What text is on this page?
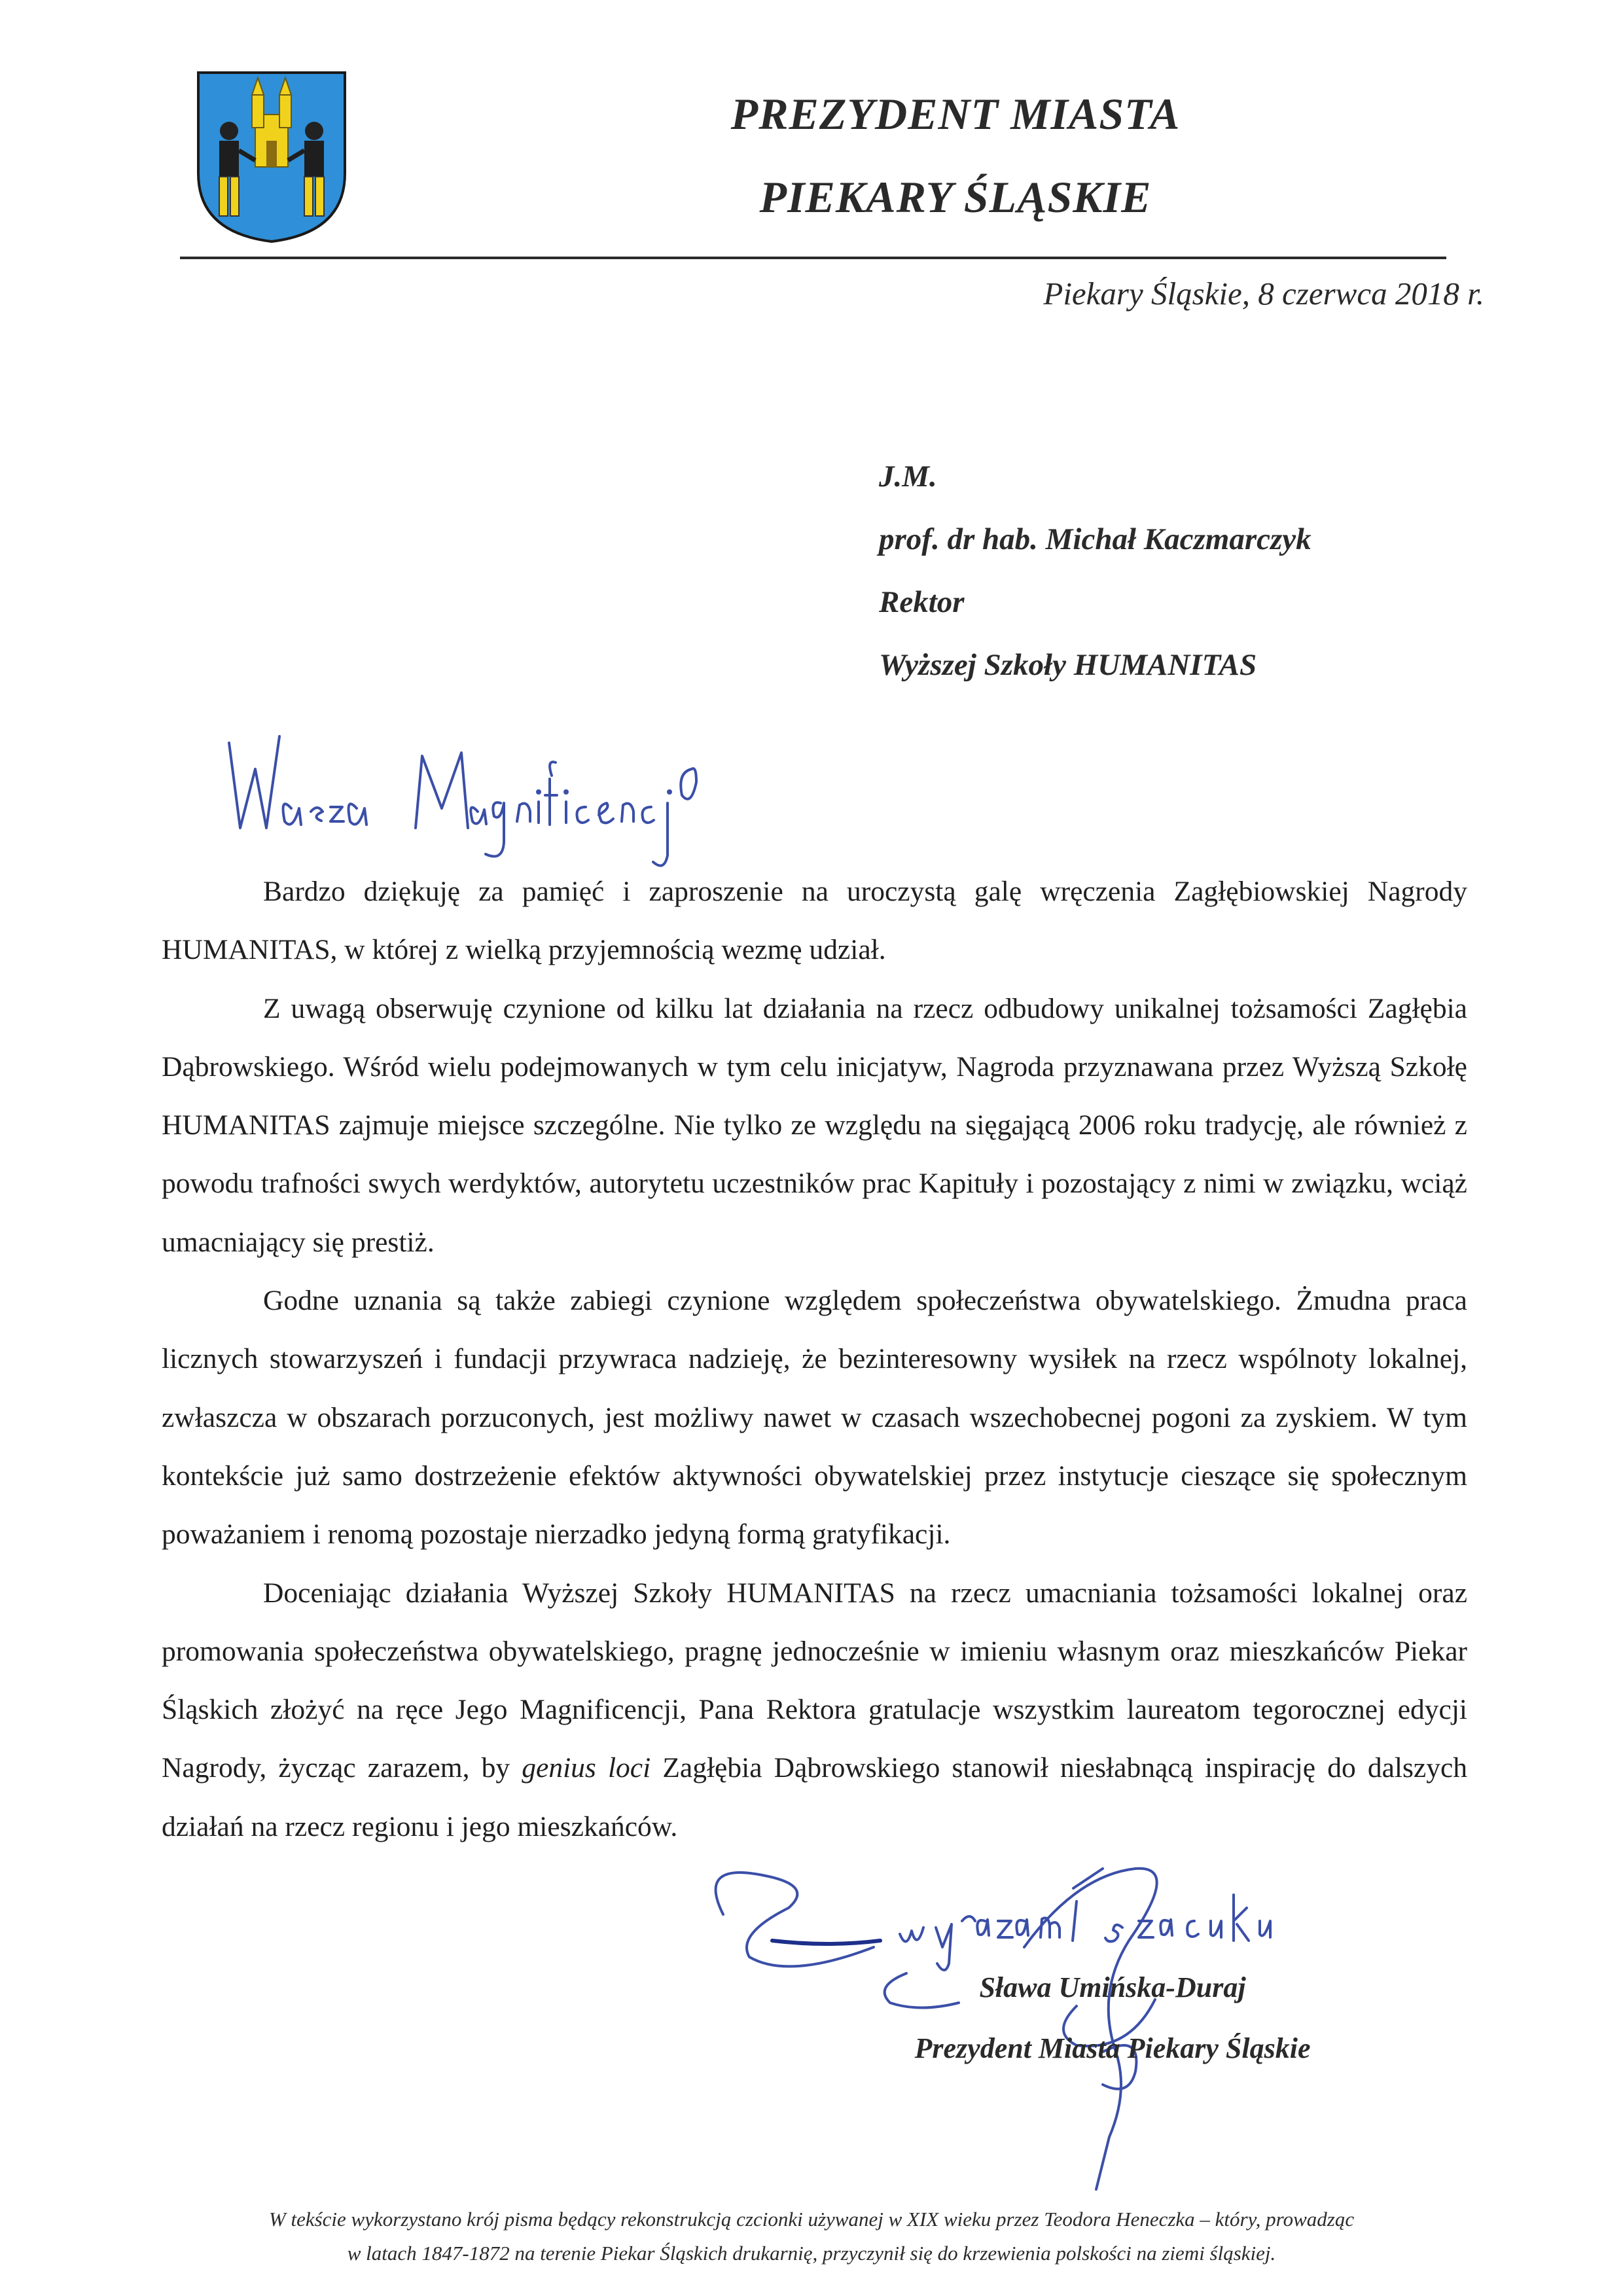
PREZYDENT MIASTA
PIEKARY ŚLĄSKIE
Piekary Śląskie, 8 czerwca 2018 r.
J.M.
prof. dr hab. Michał Kaczmarczyk
Rektor
Wyższej Szkoły HUMANITAS

Bardzo dziękuję za pamięć i zaproszenie na uroczystą galę wręczenia Zagłębiowskiej Nagrody HUMANITAS, w której z wielką przyjemnością wezmę udział.

Z uwagą obserwuję czynione od kilku lat działania na rzecz odbudowy unikalnej tożsamości Zagłębia Dąbrowskiego. Wśród wielu podejmowanych w tym celu inicjatyw, Nagroda przyznawana przez Wyższą Szkołę HUMANITAS zajmuje miejsce szczególne. Nie tylko ze względu na sięgającą 2006 roku tradycję, ale również z powodu trafności swych werdyktów, autorytetu uczestników prac Kapituły i pozostający z nimi w związku, wciąż umacniający się prestiż.

Godne uznania są także zabiegi czynione względem społeczeństwa obywatelskiego. Żmudna praca licznych stowarzyszeń i fundacji przywraca nadzieję, że bezinteresowny wysiłek na rzecz wspólnoty lokalnej, zwłaszcza w obszarach porzuconych, jest możliwy nawet w czasach wszechobecnej pogoni za zyskiem. W tym kontekście już samo dostrzeżenie efektów aktywności obywatelskiej przez instytucje cieszące się społecznym poważaniem i renomą pozostaje nierzadko jedyną formą gratyfikacji.

Doceniając działania Wyższej Szkoły HUMANITAS na rzecz umacniania tożsamości lokalnej oraz promowania społeczeństwa obywatelskiego, pragnę jednocześnie w imieniu własnym oraz mieszkańców Piekar Śląskich złożyć na ręce Jego Magnificencji, Pana Rektora gratulacje wszystkim laureatom tegorocznej edycji Nagrody, życząc zarazem, by genius loci Zagłębia Dąbrowskiego stanowił niesłabnącą inspirację do dalszych działań na rzecz regionu i jego mieszkańców.

Sława Umińska-Duraj
Prezydent Miasta Piekary Śląskie
W tekście wykorzystano krój pisma będący rekonstrukcją czcionki używanej w XIX wieku przez Teodora Heneczka – który, prowadząc
w latach 1847-1872 na terenie Piekar Śląskich drukarnię, przyczynił się do krzewienia polskości na ziemi śląskiej.
